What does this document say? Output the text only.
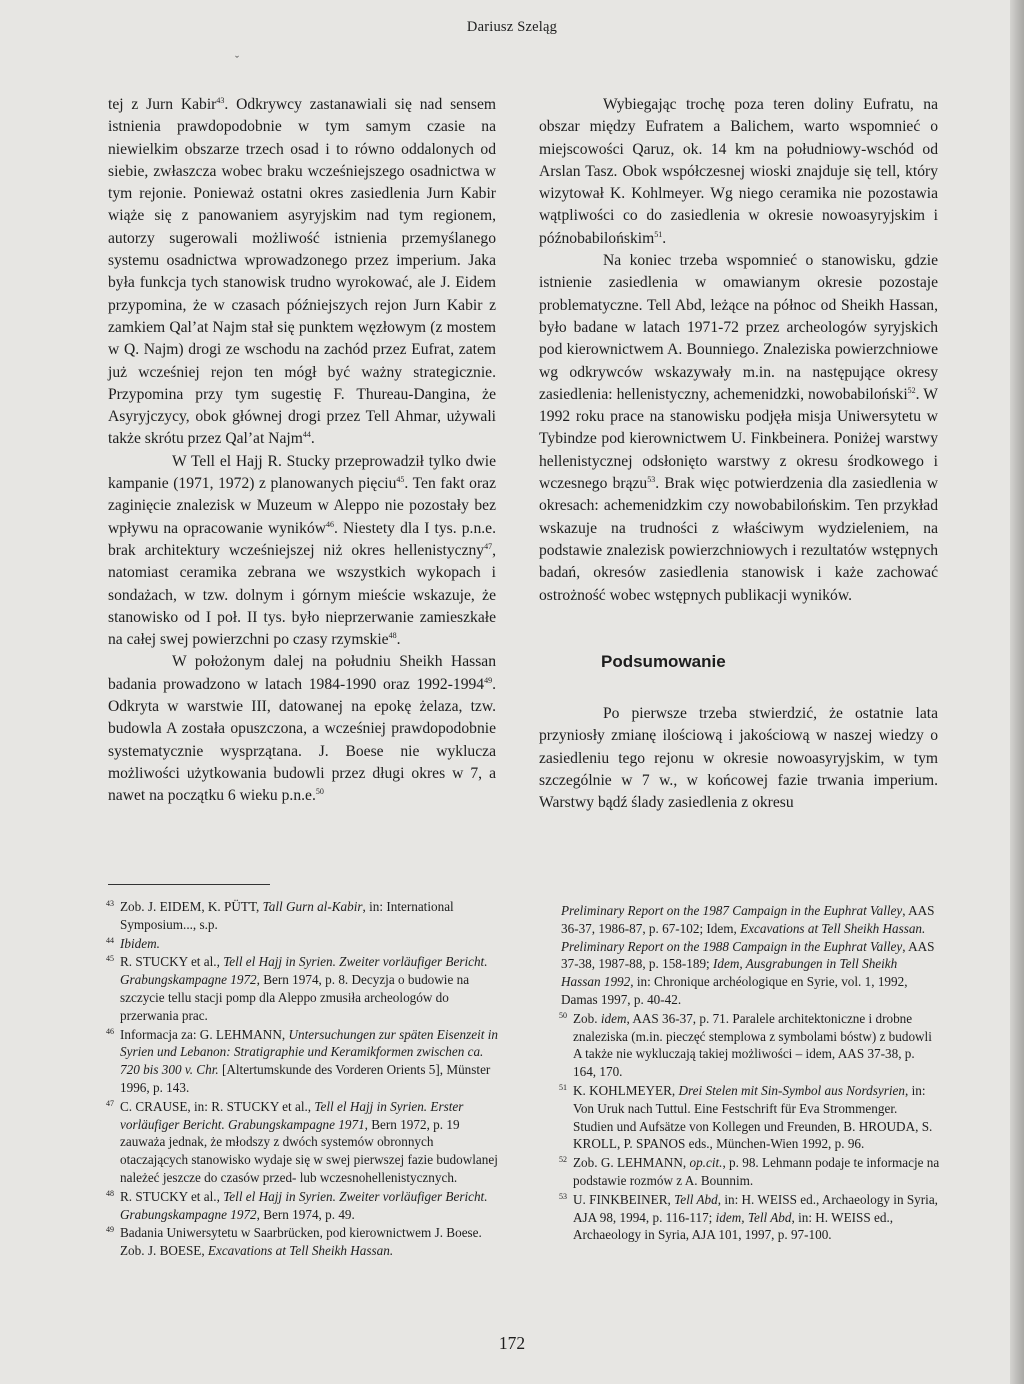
Dariusz Szeląg
ˇ

tej z Jurn Kabir$^{43}$. Odkrywcy zastanawiali się nad sensem istnienia prawdopodobnie w tym samym czasie na niewielkim obszarze trzech osad i to równo oddalonych od siebie, zwłaszcza wobec braku wcześniejszego osadnictwa w tym rejonie. Ponieważ ostatni okres zasiedlenia Jurn Kabir wiąże się z panowaniem asyryjskim nad tym regionem, autorzy sugerowali możliwość istnienia przemyślanego systemu osadnictwa wprowadzonego przez imperium. Jaka była funkcja tych stanowisk trudno wyrokować, ale J. Eidem przypomina, że w czasach późniejszych rejon Jurn Kabir z zamkiem Qal’at Najm stał się punktem węzłowym (z mostem w Q. Najm) drogi ze wschodu na zachód przez Eufrat, zatem już wcześniej rejon ten mógł być ważny strategicznie. Przypomina przy tym sugestię F. Thureau-Dangina, że Asyryjczycy, obok głównej drogi przez Tell Ahmar, używali także skrótu przez Qal’at Najm$^{44}$.

W Tell el Hajj R. Stucky przeprowadził tylko dwie kampanie (1971, 1972) z planowanych pięciu$^{45}$. Ten fakt oraz zaginięcie znalezisk w Muzeum w Aleppo nie pozostały bez wpływu na opracowanie wyników$^{46}$. Niestety dla I tys. p.n.e. brak architektury wcześniejszej niż okres hellenistyczny$^{47}$, natomiast ceramika zebrana we wszystkich wykopach i sondażach, w tzw. dolnym i górnym mieście wskazuje, że stanowisko od I poł. II tys. było nieprzerwanie zamieszkałe na całej swej powierzchni po czasy rzymskie$^{48}$.

W położonym dalej na południu Sheikh Hassan badania prowadzono w latach 1984-1990 oraz 1992-1994$^{49}$. Odkryta w warstwie III, datowanej na epokę żelaza, tzw. budowla A została opuszczona, a wcześniej prawdopodobnie systematycznie wysprzątana. J. Boese nie wyklucza możliwości użytkowania budowli przez długi okres w 7, a nawet na początku 6 wieku p.n.e.$^{50}$

Wybiegając trochę poza teren doliny Eufratu, na obszar między Eufratem a Balichem, warto wspomnieć o miejscowości Qaruz, ok. 14 km na południowy-wschód od Arslan Tasz. Obok współczesnej wioski znajduje się tell, który wizytował K. Kohlmeyer. Wg niego ceramika nie pozostawia wątpliwości co do zasiedlenia w okresie nowoasyryjskim i późnobabilońskim$^{51}$.

Na koniec trzeba wspomnieć o stanowisku, gdzie istnienie zasiedlenia w omawianym okresie pozostaje problematyczne. Tell Abd, leżące na północ od Sheikh Hassan, było badane w latach 1971-72 przez archeologów syryjskich pod kierownictwem A. Bounniego. Znaleziska powierzchniowe wg odkrywców wskazywały m.in. na następujące okresy zasiedlenia: hellenistyczny, achemenidzki, nowobabiloński$^{52}$. W 1992 roku prace na stanowisku podjęła misja Uniwersytetu w Tybindze pod kierownictwem U. Finkbeinera. Poniżej warstwy hellenistycznej odsłonięto warstwy z okresu środkowego i wczesnego brązu$^{53}$. Brak więc potwierdzenia dla zasiedlenia w okresach: achemenidzkim czy nowobabilońskim. Ten przykład wskazuje na trudności z właściwym wydzieleniem, na podstawie znalezisk powierzchniowych i rezultatów wstępnych badań, okresów zasiedlenia stanowisk i każe zachować ostrożność wobec wstępnych publikacji wyników.

Podsumowanie

Po pierwsze trzeba stwierdzić, że ostatnie lata przyniosły zmianę ilościową i jakościową w naszej wiedzy o zasiedleniu tego rejonu w okresie nowoasyryjskim, w tym szczególnie w 7 w., w końcowej fazie trwania imperium. Warstwy bądź ślady zasiedlenia z okresu

43 Zob. J. EIDEM, K. PÜTT, Tall Gurn al-Kabir, in: International Symposium..., s.p.
44 Ibidem.
45 R. STUCKY et al., Tell el Hajj in Syrien. Zweiter vorläufiger Bericht. Grabungskampagne 1972, Bern 1974, p. 8. Decyzja o budowie na szczycie tellu stacji pomp dla Aleppo zmusiła archeologów do przerwania prac.
46 Informacja za: G. LEHMANN, Untersuchungen zur späten Eisenzeit in Syrien und Lebanon: Stratigraphie und Keramikformen zwischen ca. 720 bis 300 v. Chr. [Altertumskunde des Vorderen Orients 5], Münster 1996, p. 143.
47 C. CRAUSE, in: R. STUCKY et al., Tell el Hajj in Syrien. Erster vorläufiger Bericht. Grabungskampagne 1971, Bern 1972, p. 19 zauważa jednak, że młodszy z dwóch systemów obronnych otaczających stanowisko wydaje się w swej pierwszej fazie budowlanej należeć jeszcze do czasów przed- lub wczesnohellenistycznych.
48 R. STUCKY et al., Tell el Hajj in Syrien. Zweiter vorläufiger Bericht. Grabungskampagne 1972, Bern 1974, p. 49.
49 Badania Uniwersytetu w Saarbrücken, pod kierownictwem J. Boese. Zob. J. BOESE, Excavations at Tell Sheikh Hassan.
Preliminary Report on the 1987 Campaign in the Euphrat Valley, AAS 36-37, 1986-87, p. 67-102; Idem, Excavations at Tell Sheikh Hassan. Preliminary Report on the 1988 Campaign in the Euphrat Valley, AAS 37-38, 1987-88, p. 158-189; Idem, Ausgrabungen in Tell Sheikh Hassan 1992, in: Chronique archéologique en Syrie, vol. 1, 1992, Damas 1997, p. 40-42.
50 Zob. idem, AAS 36-37, p. 71. Paralele architektoniczne i drobne znaleziska (m.in. pieczęć stemplowa z symbolami bóstw) z budowli A także nie wykluczają takiej możliwości – idem, AAS 37-38, p. 164, 170.
51 K. KOHLMEYER, Drei Stelen mit Sin-Symbol aus Nordsyrien, in: Von Uruk nach Tuttul. Eine Festschrift für Eva Strommenger. Studien und Aufsätze von Kollegen und Freunden, B. HROUDA, S. KROLL, P. SPANOS eds., München-Wien 1992, p. 96.
52 Zob. G. LEHMANN, op.cit., p. 98. Lehmann podaje te informacje na podstawie rozmów z A. Bounnim.
53 U. FINKBEINER, Tell Abd, in: H. WEISS ed., Archaeology in Syria, AJA 98, 1994, p. 116-117; idem, Tell Abd, in: H. WEISS ed., Archaeology in Syria, AJA 101, 1997, p. 97-100.
172
